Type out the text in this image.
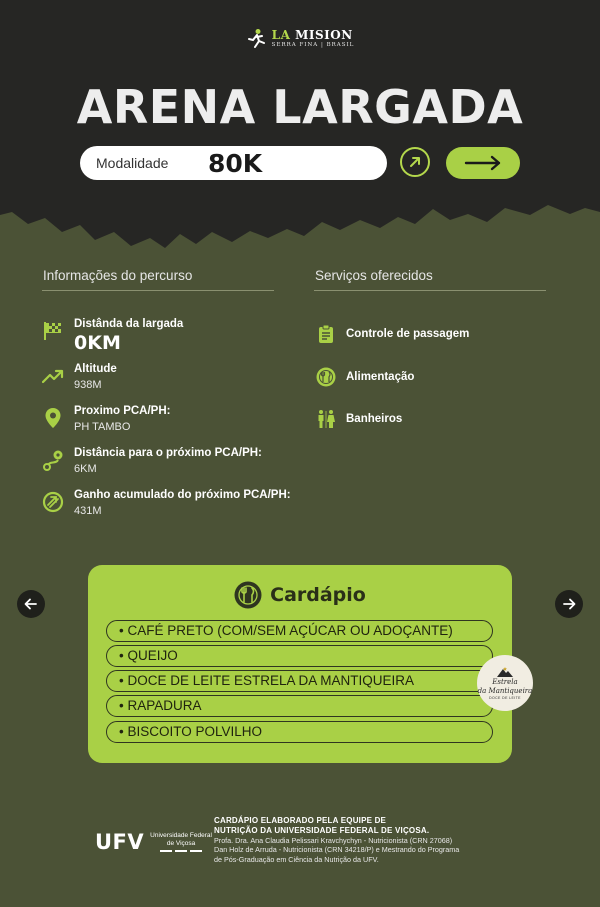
LA MISION
SERRA FINA | BRASIL
ARENA LARGADA
Modalidade 80K
Informações do percurso	Serviços oferecidos
Distânda da largada
0KM
Altitude
938M
Proximo PCA/PH:
PH TAMBO
Distância para o próximo PCA/PH:
6KM
Ganho acumulado do próximo PCA/PH:
431M
Controle de passagem
Alimentação
Banheiros
Cardápio
• CAFÉ PRETO (COM/SEM AÇÚCAR OU ADOÇANTE)
• QUEIJO
• DOCE DE LEITE ESTRELA DA MANTIQUEIRA
• RAPADURA
• BISCOITO POLVILHO
Estrela
da Mantiqueira
DOCE DE LEITE
UFV Universidade Federal
de Viçosa
CARDÁPIO ELABORADO PELA EQUIPE DE
NUTRIÇÃO DA UNIVERSIDADE FEDERAL DE VIÇOSA.
Profa. Dra. Ana Claudia Pelissari Kravchychyn - Nutricionista (CRN 27068)
Dan Holz de Arruda - Nutricionista (CRN 34218/P) e Mestrando do Programa
de Pós-Graduação em Ciência da Nutrição da UFV.
